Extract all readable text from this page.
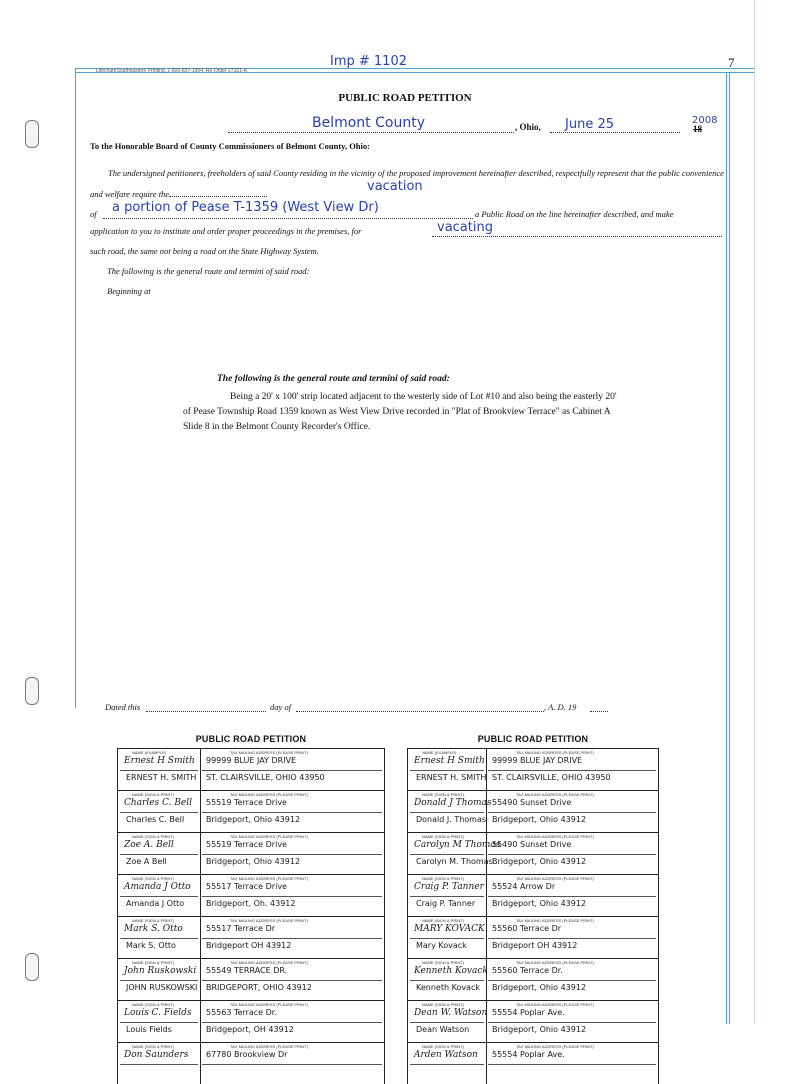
Lifechart/Southeastern Printing, 1-800-837-1904, Re-Order 27101-A
Imp # 1102	7
PUBLIC ROAD PETITION
Belmont County	, Ohio, June 25	2008
18
To the Honorable Board of County Commissioners of Belmont County, Ohio:
The undersigned petitioners, freeholders of said County residing in the vicinity of the proposed improvement hereinafter described, respectfully represent that the public convenience and welfare require the	vacation
of a portion of Pease T-1359 (West View Dr)	a Public Road on the line hereinafter described, and make
application to you to institute and order proper proceedings in the premises, for	vacating
such road, the same not being a road on the State Highway System.
The following is the general route and termini of said road:
Beginning at
The following is the general route and termini of said road:
Being a 20' x 100' strip located adjacent to the westerly side of Lot #10 and also being the easterly 20' of Pease Township Road 1359 known as West View Drive recorded in "Plat of Brookview Terrace" as Cabinet A Slide 8 in the Belmont County Recorder's Office.
Dated this	day of	, A. D. 19
PUBLIC ROAD PETITION
NAME (EXAMPLE)	TAX MAILING ADDRESS (PLEASE PRINT)
Ernest H Smith
ERNEST H. SMITH
99999 BLUE JAY DRIVE
ST. CLAIRSVILLE, OHIO 43950
NAME (SIGN & PRINT)	TAX MAILING ADDRESS (PLEASE PRINT)
Charles C. Bell
Charles C. Bell
55519 Terrace Drive
Bridgeport, Ohio 43912
NAME (SIGN & PRINT)	TAX MAILING ADDRESS (PLEASE PRINT)
Zoe A. Bell
Zoe A Bell
55519 Terrace Drive
Bridgeport, Ohio 43912
NAME (SIGN & PRINT)	TAX MAILING ADDRESS (PLEASE PRINT)
Amanda J Otto
Amanda J Otto
55517 Terrace Drive
Bridgeport, Oh. 43912
NAME (SIGN & PRINT)	TAX MAILING ADDRESS (PLEASE PRINT)
Mark S. Otto
Mark S. Otto
55517 Terrace Dr
Bridgeport OH 43912
NAME (SIGN & PRINT)	TAX MAILING ADDRESS (PLEASE PRINT)
John Ruskowski
JOHN RUSKOWSKI
55549 TERRACE DR.
BRIDGEPORT, OHIO 43912
NAME (SIGN & PRINT)	TAX MAILING ADDRESS (PLEASE PRINT)
Louis C. Fields
Louis Fields
55563 Terrace Dr.
Bridgeport, OH 43912
NAME (SIGN & PRINT)	TAX MAILING ADDRESS (PLEASE PRINT)
Don Saunders 67780 Brookview Dr
PUBLIC ROAD PETITION
NAME (EXAMPLE)	TAX MAILING ADDRESS (PLEASE PRINT)
Ernest H Smith
ERNEST H. SMITH
99999 BLUE JAY DRIVE
ST. CLAIRSVILLE, OHIO 43950
NAME (SIGN & PRINT)	TAX MAILING ADDRESS (PLEASE PRINT)
Donald J Thomas
Donald J. Thomas
55490 Sunset Drive
Bridgeport, Ohio 43912
NAME (SIGN & PRINT)	TAX MAILING ADDRESS (PLEASE PRINT)
Carolyn M Thomas
Carolyn M. Thomas
55490 Sunset Drive
Bridgeport, Ohio 43912
NAME (SIGN & PRINT)	TAX MAILING ADDRESS (PLEASE PRINT)
Craig P. Tanner
Craig P. Tanner
55524 Arrow Dr
Bridgeport, Ohio 43912
NAME (SIGN & PRINT)	TAX MAILING ADDRESS (PLEASE PRINT)
MARY KOVACK
Mary Kovack
55560 Terrace Dr
Bridgeport OH 43912
NAME (SIGN & PRINT)	TAX MAILING ADDRESS (PLEASE PRINT)
Kenneth Kovack
Kenneth Kovack
55560 Terrace Dr.
Bridgeport, Ohio 43912
NAME (SIGN & PRINT)	TAX MAILING ADDRESS (PLEASE PRINT)
Dean W. Watson
Dean Watson
55554 Poplar Ave.
Bridgeport, Ohio 43912
NAME (SIGN & PRINT)	TAX MAILING ADDRESS (PLEASE PRINT)
Arden Watson 55554 Poplar Ave.
